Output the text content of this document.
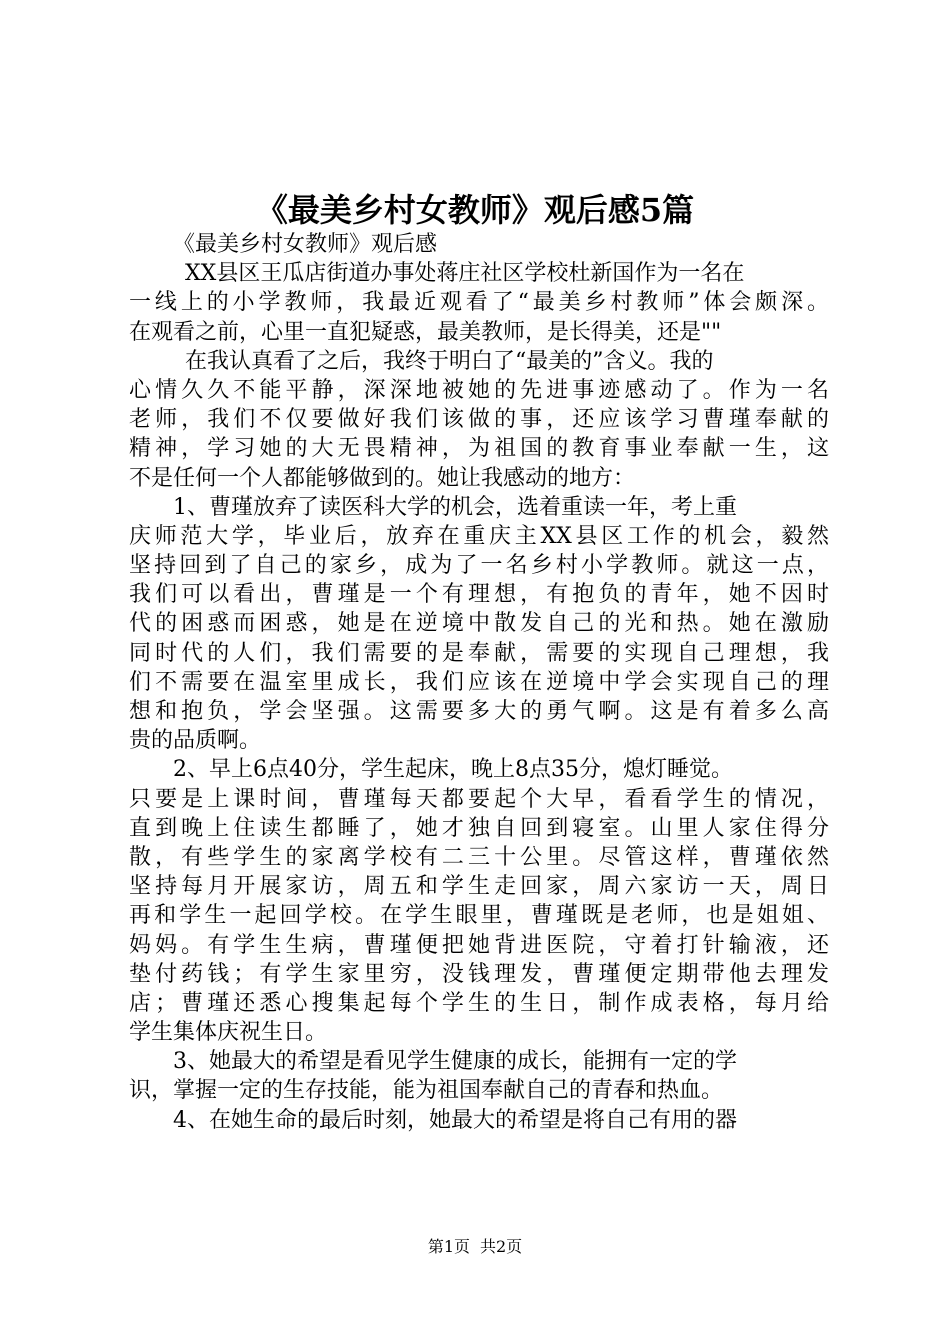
《最美乡村女教师》观后感5篇
《最美乡村女教师》观后感
XX县区王瓜店街道办事处蒋庄社区学校杜新国作为一名在
一线上的小学教师，我最近观看了“最美乡村教师”体会颇深。
在观看之前，心里一直犯疑惑，最美教师，是长得美，还是""
在我认真看了之后，我终于明白了“最美的”含义。我的
心情久久不能平静，深深地被她的先进事迹感动了。作为一名
老师，我们不仅要做好我们该做的事，还应该学习曹瑾奉献的
精神，学习她的大无畏精神，为祖国的教育事业奉献一生，这
不是任何一个人都能够做到的。她让我感动的地方：
1、曹瑾放弃了读医科大学的机会，选着重读一年，考上重
庆师范大学，毕业后，放弃在重庆主XX县区工作的机会，毅然
坚持回到了自己的家乡，成为了一名乡村小学教师。就这一点，
我们可以看出，曹瑾是一个有理想，有抱负的青年，她不因时
代的困惑而困惑，她是在逆境中散发自己的光和热。她在激励
同时代的人们，我们需要的是奉献，需要的实现自己理想，我
们不需要在温室里成长，我们应该在逆境中学会实现自己的理
想和抱负，学会坚强。这需要多大的勇气啊。这是有着多么高
贵的品质啊。
2、早上6点40分，学生起床，晚上8点35分，熄灯睡觉。
只要是上课时间，曹瑾每天都要起个大早，看看学生的情况，
直到晚上住读生都睡了，她才独自回到寝室。山里人家住得分
散，有些学生的家离学校有二三十公里。尽管这样，曹瑾依然
坚持每月开展家访，周五和学生走回家，周六家访一天，周日
再和学生一起回学校。在学生眼里，曹瑾既是老师，也是姐姐、
妈妈。有学生生病，曹瑾便把她背进医院，守着打针输液，还
垫付药钱；有学生家里穷，没钱理发，曹瑾便定期带他去理发
店；曹瑾还悉心搜集起每个学生的生日，制作成表格，每月给
学生集体庆祝生日。
3、她最大的希望是看见学生健康的成长，能拥有一定的学
识，掌握一定的生存技能，能为祖国奉献自己的青春和热血。
4、在她生命的最后时刻，她最大的希望是将自己有用的器
第1页 共2页
